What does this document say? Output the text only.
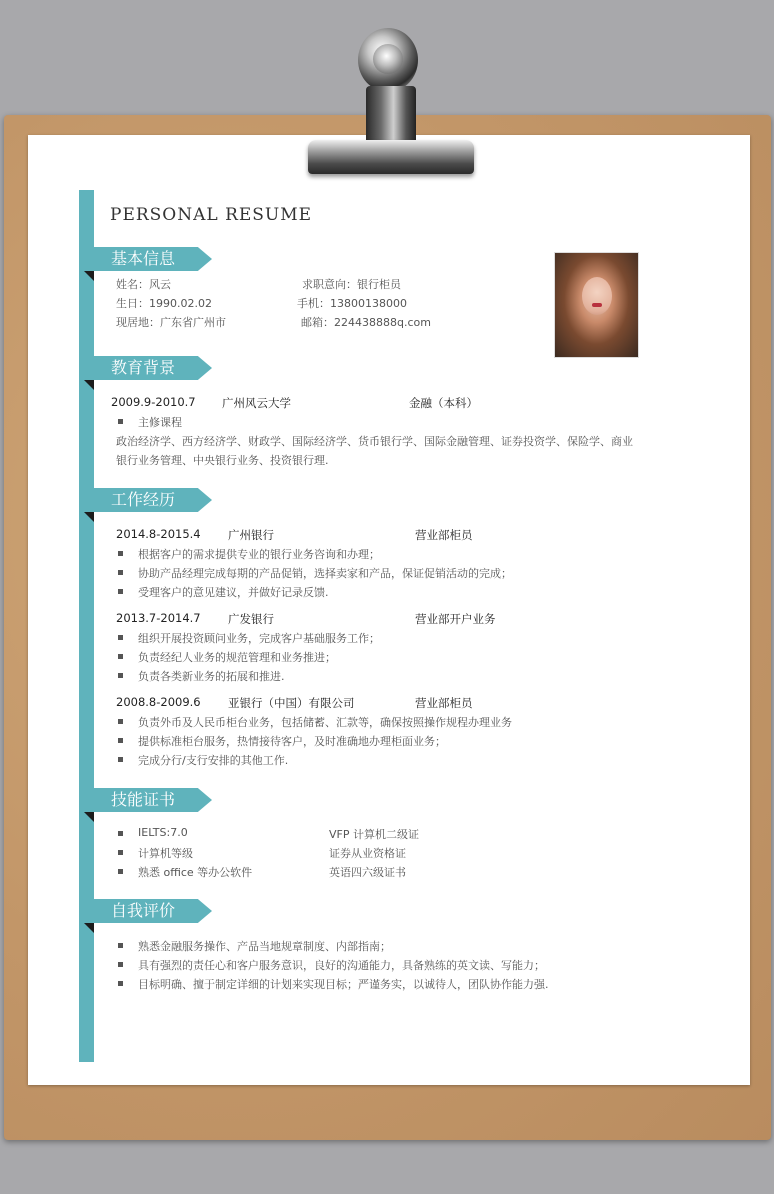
PERSONAL RESUME
基本信息
姓名：风云	求职意向：银行柜员
生日：1990.02.02	手机：13800138000
现居地：广东省广州市	邮箱：224438888q.com
教育背景
2009.9-2010.7 广州风云大学	金融（本科）
主修课程
政治经济学、西方经济学、财政学、国际经济学、货币银行学、国际金融管理、证券投资学、保险学、商业
银行业务管理、中央银行业务、投资银行理.
工作经历
2014.8-2015.4 广州银行	营业部柜员
根据客户的需求提供专业的银行业务咨询和办理；
协助产品经理完成每期的产品促销，选择卖家和产品，保证促销活动的完成；
受理客户的意见建议，并做好记录反馈.
2013.7-2014.7 广发银行	营业部开户业务
组织开展投资顾问业务，完成客户基础服务工作；
负责经纪人业务的规范管理和业务推进；
负责各类新业务的拓展和推进.
2008.8-2009.6 亚银行（中国）有限公司	营业部柜员
负责外币及人民币柜台业务，包括储蓄、汇款等，确保按照操作规程办理业务
提供标准柜台服务，热情接待客户，及时准确地办理柜面业务；
完成分行/支行安排的其他工作.
技能证书
IELTS:7.0	VFP 计算机二级证
计算机等级	证券从业资格证
熟悉 office 等办公软件	英语四六级证书
自我评价
熟悉金融服务操作、产品当地规章制度、内部指南；
具有强烈的责任心和客户服务意识，良好的沟通能力，具备熟练的英文读、写能力；
目标明确、擅于制定详细的计划来实现目标；严谨务实，以诚待人，团队协作能力强.
